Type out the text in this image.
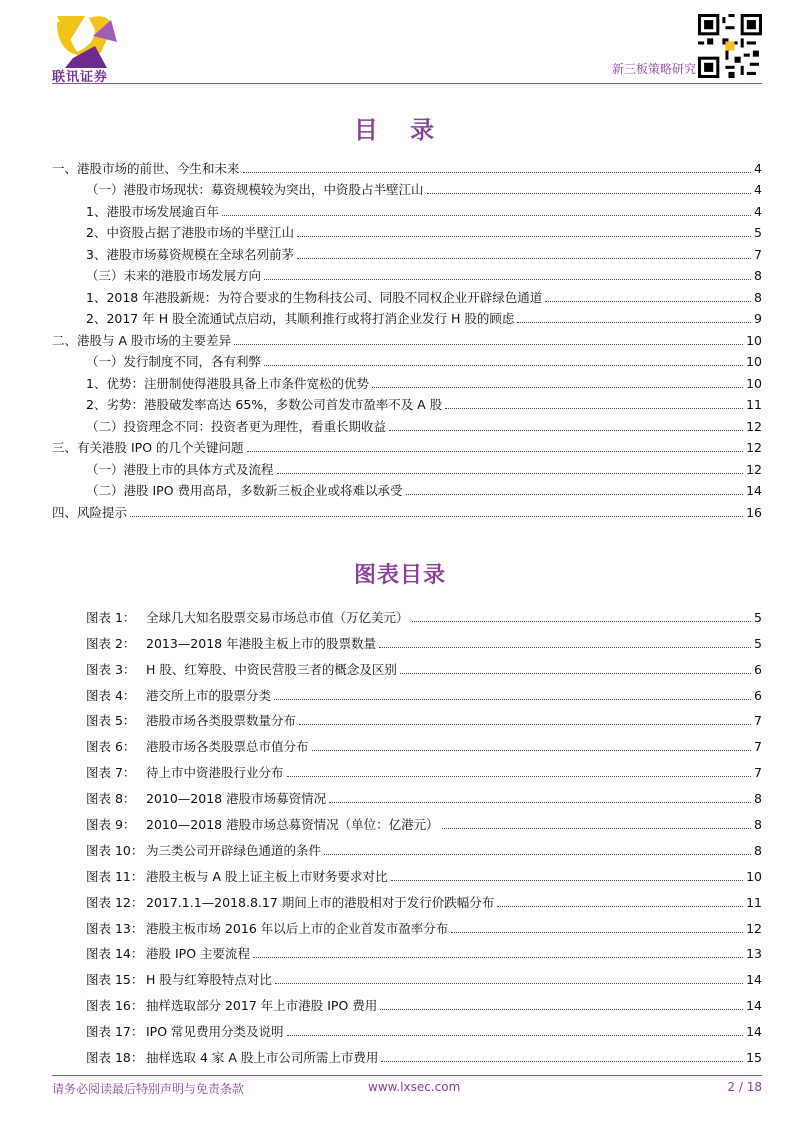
联讯证券
新三板策略研究
目 录
一、港股市场的前世、今生和未来	4
（一）港股市场现状：募资规模较为突出，中资股占半壁江山	4
1、港股市场发展逾百年	4
2、中资股占据了港股市场的半壁江山	5
3、港股市场募资规模在全球名列前茅	7
（三）未来的港股市场发展方向	8
1、2018 年港股新规：为符合要求的生物科技公司、同股不同权企业开辟绿色通道	8
2、2017 年 H 股全流通试点启动，其顺利推行或将打消企业发行 H 股的顾虑	9
二、港股与 A 股市场的主要差异	10
（一）发行制度不同，各有利弊	10
1、优势：注册制使得港股具备上市条件宽松的优势	10
2、劣势：港股破发率高达 65%，多数公司首发市盈率不及 A 股	11
（二）投资理念不同：投资者更为理性，看重长期收益	12
三、有关港股 IPO 的几个关键问题	12
（一）港股上市的具体方式及流程	12
（二）港股 IPO 费用高昂，多数新三板企业或将难以承受	14
四、风险提示	16
图表目录
图表 1： 全球几大知名股票交易市场总市值（万亿美元）	5
图表 2： 2013—2018 年港股主板上市的股票数量	5
图表 3： H 股、红筹股、中资民营股三者的概念及区别	6
图表 4： 港交所上市的股票分类	6
图表 5： 港股市场各类股票数量分布	7
图表 6： 港股市场各类股票总市值分布	7
图表 7： 待上市中资港股行业分布	7
图表 8： 2010—2018 港股市场募资情况	8
图表 9： 2010—2018 港股市场总募资情况（单位：亿港元）	8
图表 10： 为三类公司开辟绿色通道的条件	8
图表 11： 港股主板与 A 股上证主板上市财务要求对比	10
图表 12： 2017.1.1—2018.8.17 期间上市的港股相对于发行价跌幅分布	11
图表 13： 港股主板市场 2016 年以后上市的企业首发市盈率分布	12
图表 14： 港股 IPO 主要流程	13
图表 15： H 股与红筹股特点对比	14
图表 16： 抽样选取部分 2017 年上市港股 IPO 费用	14
图表 17： IPO 常见费用分类及说明	14
图表 18： 抽样选取 4 家 A 股上市公司所需上市费用	15
请务必阅读最后特别声明与免责条款	www.lxsec.com	2 / 18
